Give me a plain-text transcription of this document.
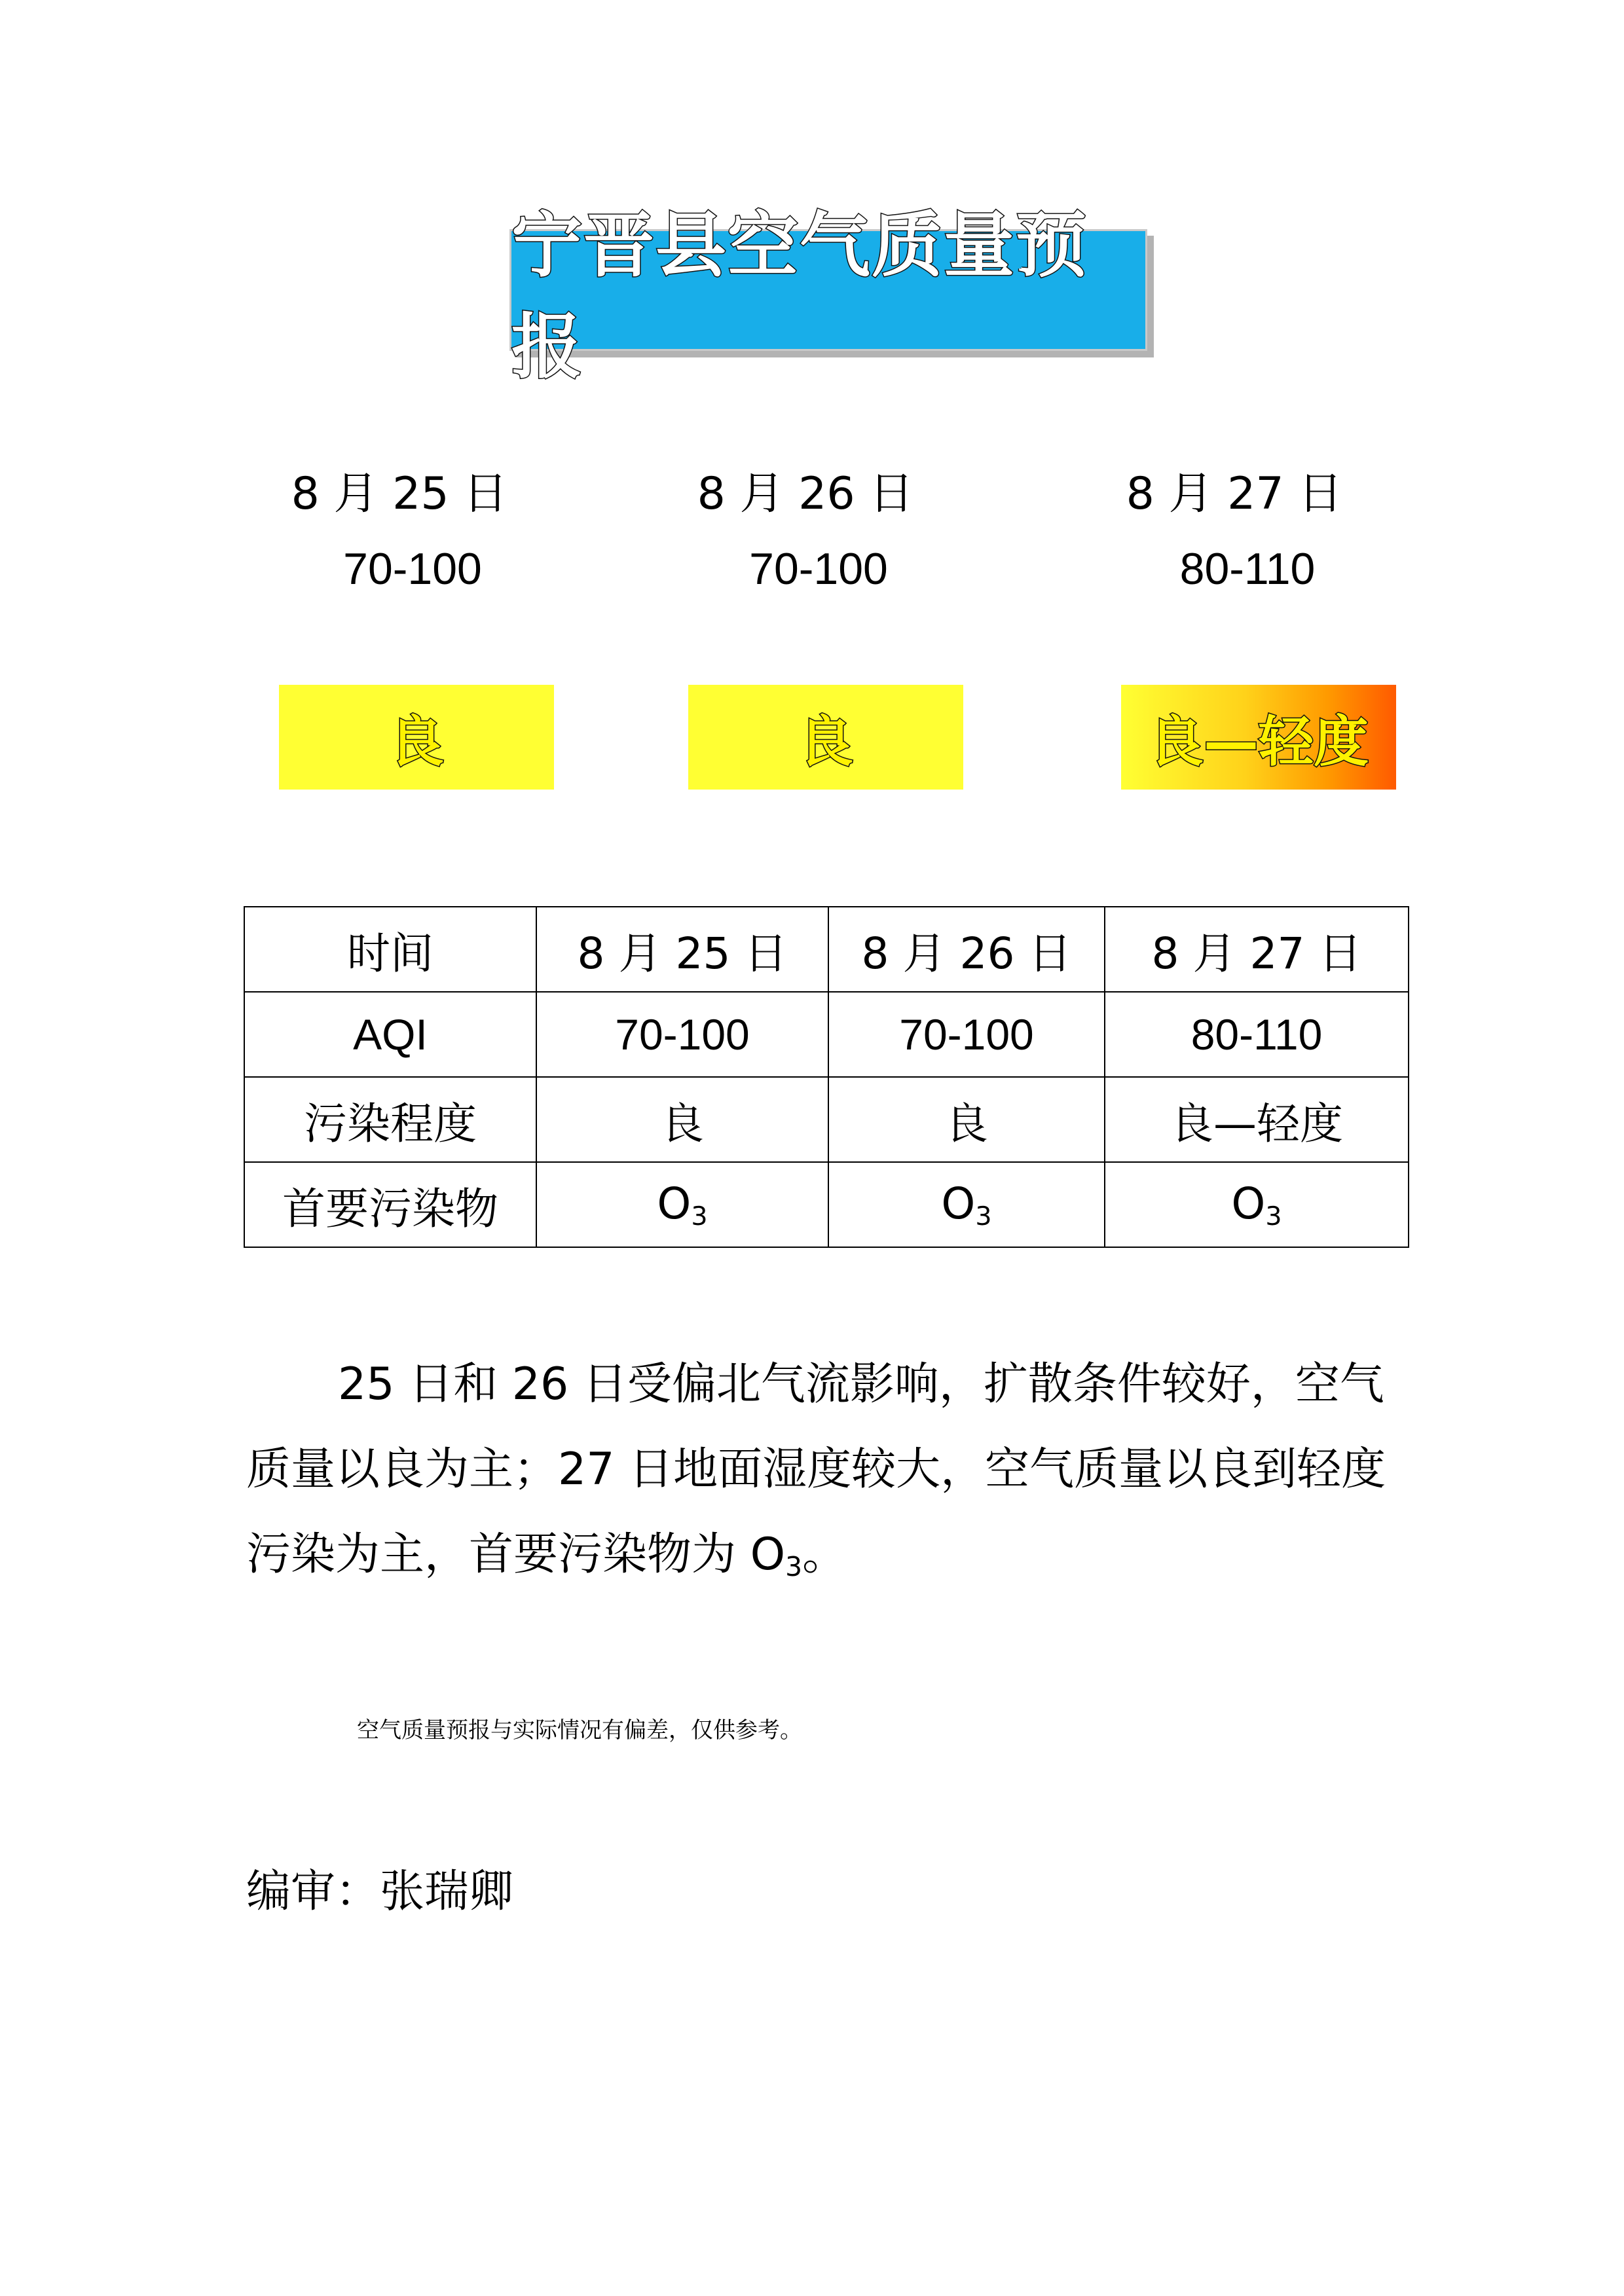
宁晋县空气质量预报
8 月 25 日	8 月 26 日	8 月 27 日
70-100	70-100	80-110
良	良	良—轻度
时间	8 月 25 日	8 月 26 日	8 月 27 日
AQI	70-100	70-100	80-110
污染程度	良	良	良—轻度
首要污染物	$O_3$	$O_3$	$O_3$

25 日和 26 日受偏北气流影响，扩散条件较好，空气质量以良为主；27 日地面湿度较大，空气质量以良到轻度污染为主，首要污染物为 $O_3$。

空气质量预报与实际情况有偏差，仅供参考。
编审：张瑞卿
